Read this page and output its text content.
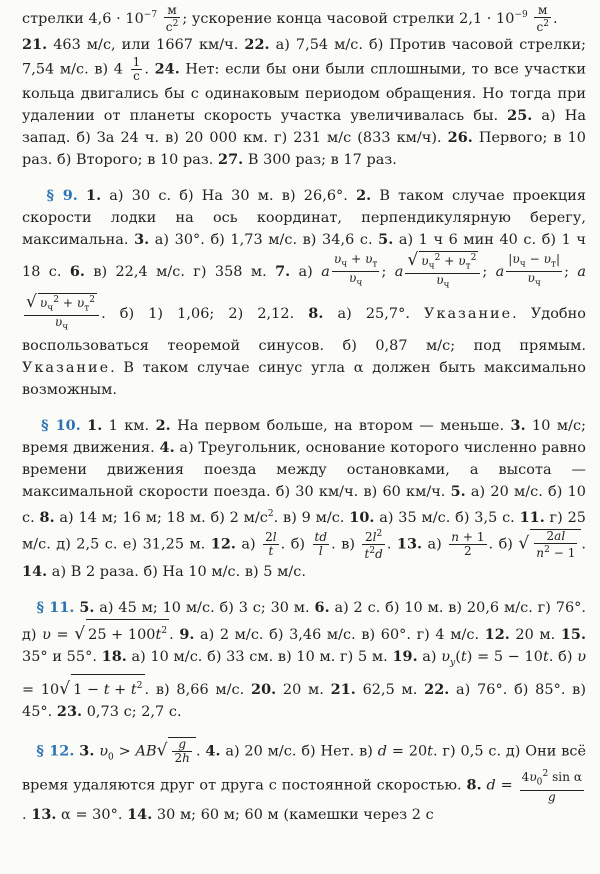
стрелки $4,6 \cdot 10^{-7} \frac{м}{с^2}$ ; ускорение конца часовой стрелки $2,1 \cdot 10^{-9} \frac{м}{с^2}$ .

21. 463 м/с, или 1667 км/ч. 22. а) 7,54 м/с. б) Против часовой стрелки; 7,54 м/с. в) $4 \frac{1}{с}$ . 24. Нет: если бы они были сплошными, то все участки кольца двигались бы с одинаковым периодом обращения. Но тогда при удалении от планеты скорость участка увеличивалась бы. 25. а) На запад. б) За 24 ч. в) 20 000 км. г) 231 м/с (833 км/ч). 26. Первого; в 10 раз. б) Второго; в 10 раз. 27. В 300 раз; в 17 раз.

§ 9. 1. а) 30 с. б) На 30 м. в) 26,6°. 2. В таком случае проекция скорости лодки на ось координат, перпендикулярную берегу, максимальна. 3. а) 30°. б) 1,73 м/с. в) 34,6 с. 5. а) 1 ч 6 мин 40 с. б) 1 ч 18 с. 6. в) 22,4 м/с. г) 358 м. 7. а) a $\frac{\upsilon_ч + \upsilon_т}{\upsilon_ч}$ ; a $\frac{√ \upsilon_ч^2 + \upsilon_т^2}{\upsilon_ч}$ ; a $\frac{|\upsilon_ч - \upsilon_т|}{\upsilon_ч}$ ; a
$\frac{√ \upsilon_ч^2 + \upsilon_т^2}{\upsilon_ч}$ . б) 1) 1,06; 2) 2,12. 8. а) 25,7°. Указание. Удобно воспользоваться теоремой синусов. б) 0,87 м/с; под прямым. Указание. В таком случае синус угла α должен быть максимально возможным.

§ 10. 1. 1 км. 2. На первом больше, на втором — меньше. 3. 10 м/с; время движения. 4. а) Треугольник, основание которого численно равно времени движения поезда между остановками, а высота — максимальной скорости поезда. б) 30 км/ч. в) 60 км/ч. 5. а) 20 м/с. б) 10 с. 8. а) 14 м; 16 м; 18 м. б) 2 $м/с^2$. в) 9 м/с. 10. а) 35 м/с. б) 3,5 с. 11. г) 25 м/с. д) 2,5 с. е) 31,25 м. 12. $а) \frac{2l}{t}$ . $б) \frac{td}{l}$ . $в) \frac{2l^2}{t^2d}$ . 13. $а) \frac{n + 1}{2}$ . б) √ $\frac{2al}{n^2 - 1}$ . 14. а) В 2 раза. б) На 10 м/с. в) 5 м/с.

§ 11. 5. а) 45 м; 10 м/с. б) 3 с; 30 м. 6. а) 2 с. б) 10 м. в) 20,6 м/с. г) 76°. д) υ = √ $25 + 100t^2$ . 9. а) 2 м/с. б) 3,46 м/с. в) 60°. г) 4 м/с. 12. 20 м. 15. 35° и 55°. 18. а) 10 м/с. б) 33 см. в) 10 м. г) 5 м. 19. а) $\upsilon_y(t) = 5 - 10t$. б) υ = 10√ $1 - t + t^2$ . в) 8,66 м/с. 20. 20 м. 21. 62,5 м. 22. а) 76°. б) 85°. в) 45°. 23. 0,73 с; 2,7 с.

§ 12. 3. $\upsilon_0 > AB√ \frac{g}{2h}$ . 4. а) 20 м/с. б) Нет. в) d = 20t. г) 0,5 с. д) Они всё время удаляются друг от друга с постоянной скоростью. 8. $d = \frac{4\upsilon_0^2 \sin \alpha}{g}$
. 13. α = 30°. 14. 30 м; 60 м; 60 м (камешки через 2 с
